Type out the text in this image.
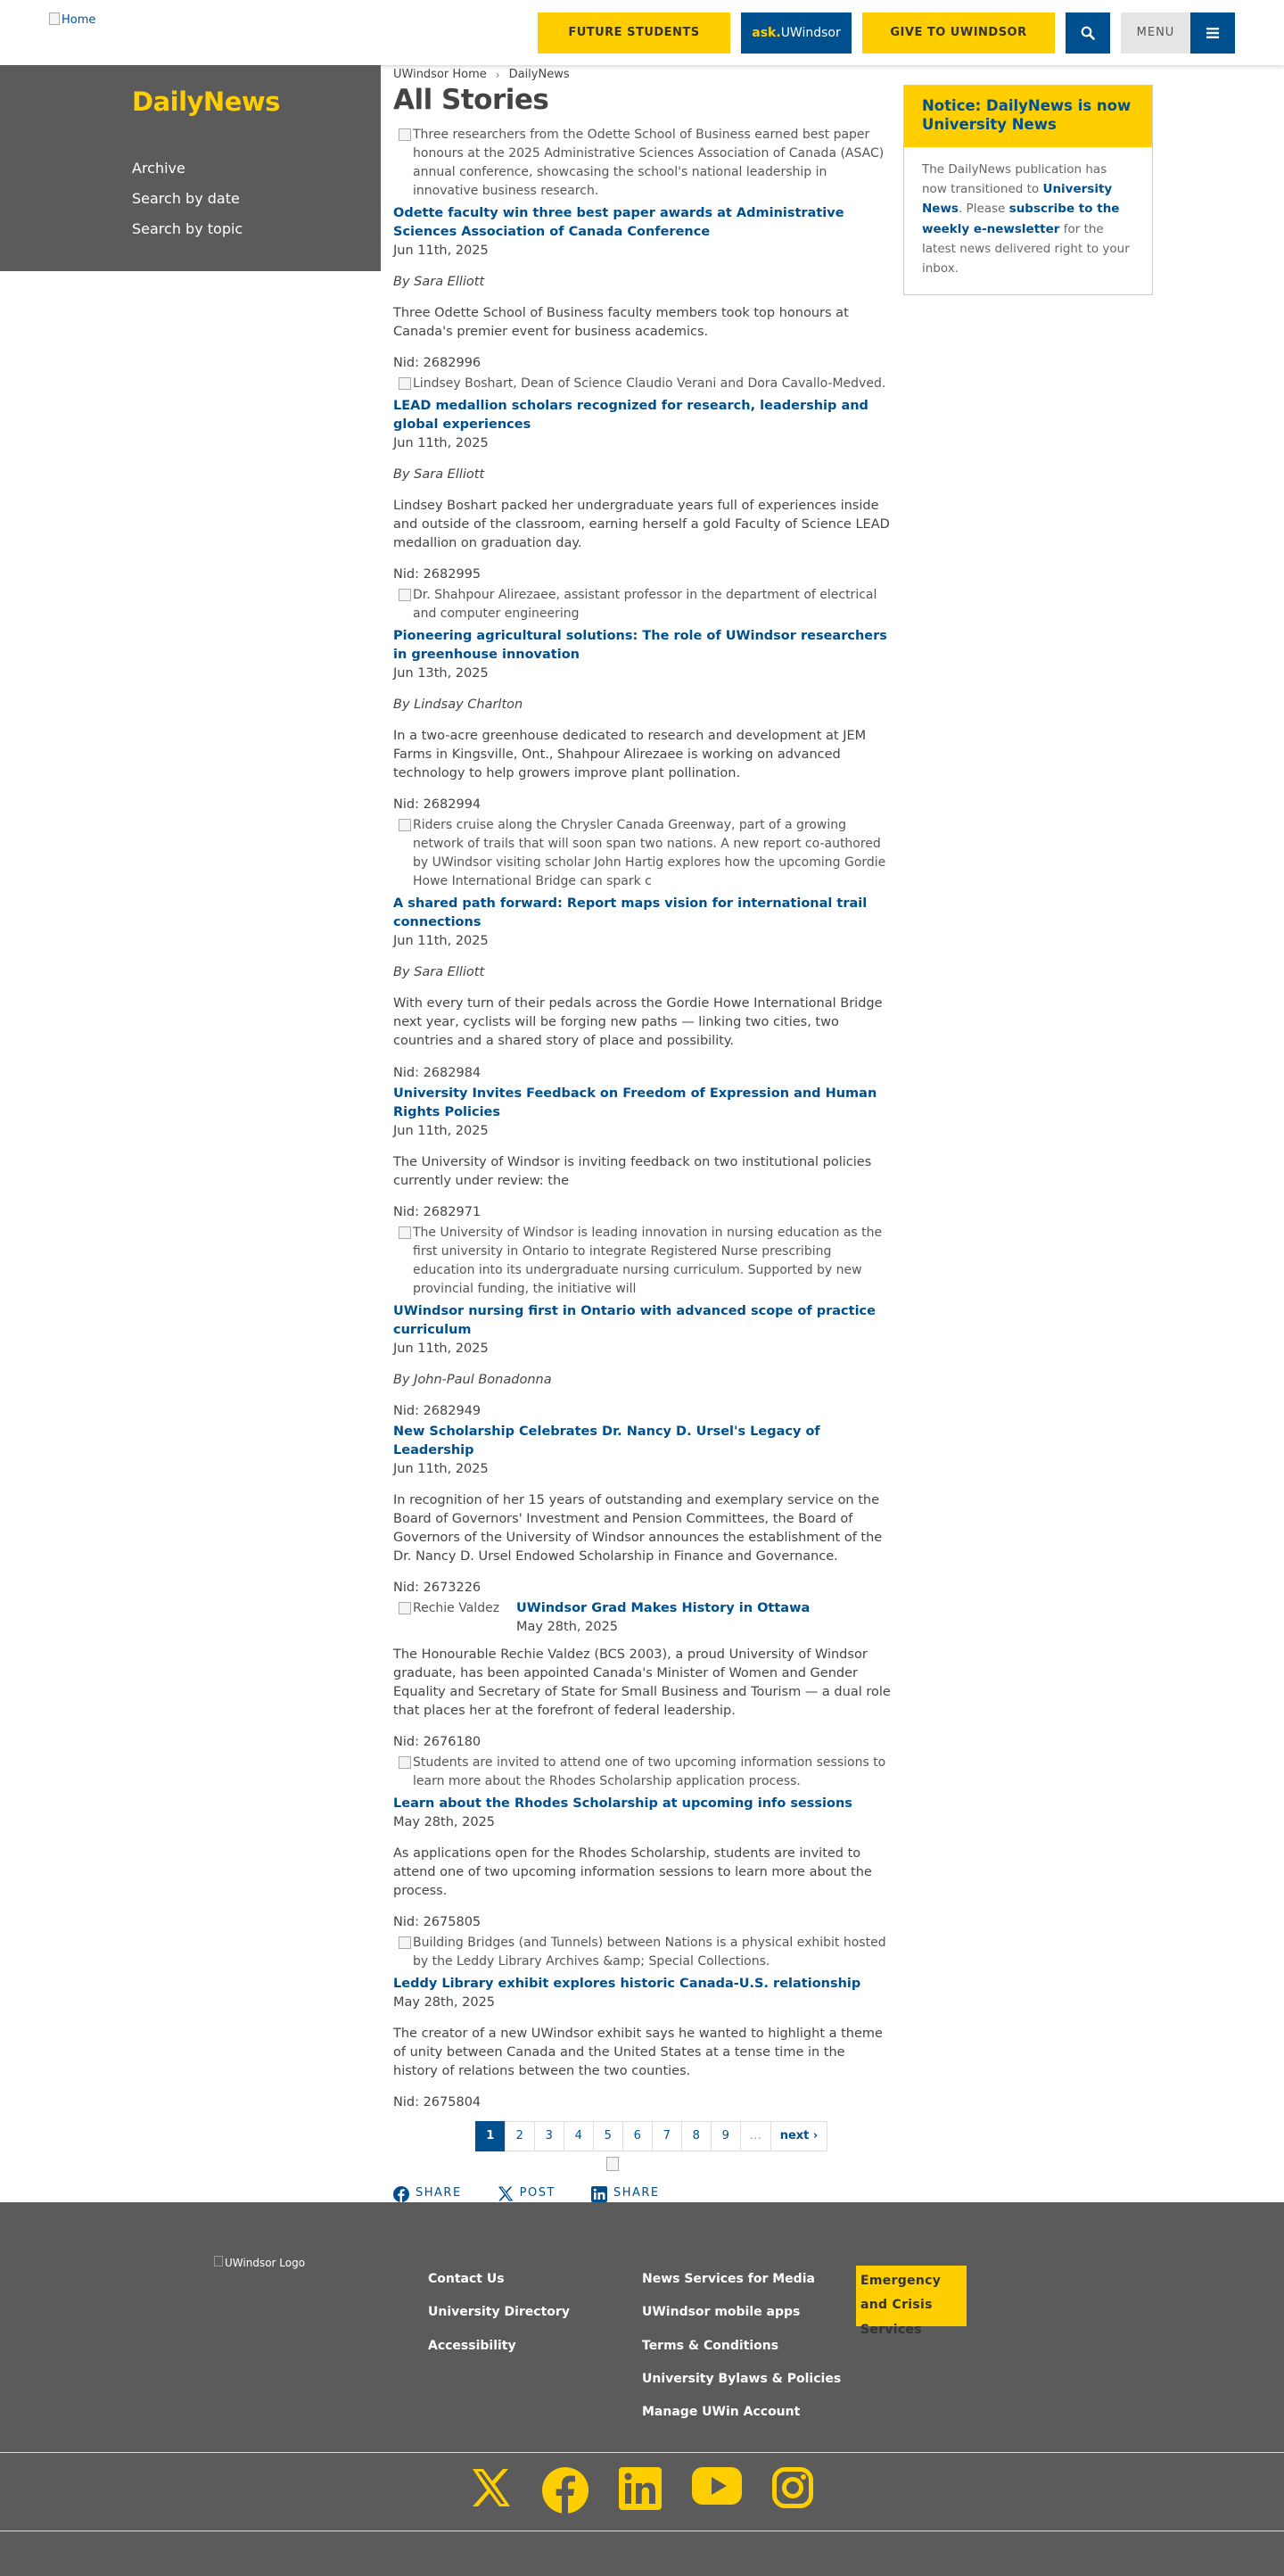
Home
FUTURE STUDENTS	ask. UWindsor	GIVE TO UWINDSOR	MENU
DailyNews
Archive
Search by date
Search by topic
UWindsor Home › DailyNews
All Stories
Three researchers from the Odette School of Business earned best paper honours at the 2025 Administrative Sciences Association of Canada (ASAC) annual conference, showcasing the school's national leadership in innovative business research.
Odette faculty win three best paper awards at Administrative Sciences Association of Canada Conference
Jun 11th, 2025
By Sara Elliott
Three Odette School of Business faculty members took top honours at Canada's premier event for business academics.
Nid: 2682996
Lindsey Boshart, Dean of Science Claudio Verani and Dora Cavallo-Medved.
LEAD medallion scholars recognized for research, leadership and global experiences
Jun 11th, 2025
By Sara Elliott
Lindsey Boshart packed her undergraduate years full of experiences inside and outside of the classroom, earning herself a gold Faculty of Science LEAD medallion on graduation day.
Nid: 2682995
Dr. Shahpour Alirezaee, assistant professor in the department of electrical and computer engineering
Pioneering agricultural solutions: The role of UWindsor researchers in greenhouse innovation
Jun 13th, 2025
By Lindsay Charlton
In a two-acre greenhouse dedicated to research and development at JEM Farms in Kingsville, Ont., Shahpour Alirezaee is working on advanced technology to help growers improve plant pollination.
Nid: 2682994
Riders cruise along the Chrysler Canada Greenway, part of a growing network of trails that will soon span two nations. A new report co-authored by UWindsor visiting scholar John Hartig explores how the upcoming Gordie Howe International Bridge can spark c
A shared path forward: Report maps vision for international trail connections
Jun 11th, 2025
By Sara Elliott
With every turn of their pedals across the Gordie Howe International Bridge next year, cyclists will be forging new paths — linking two cities, two countries and a shared story of place and possibility.
Nid: 2682984
University Invites Feedback on Freedom of Expression and Human Rights Policies
Jun 11th, 2025
The University of Windsor is inviting feedback on two institutional policies currently under review: the
Nid: 2682971
The University of Windsor is leading innovation in nursing education as the first university in Ontario to integrate Registered Nurse prescribing education into its undergraduate nursing curriculum. Supported by new provincial funding, the initiative will
UWindsor nursing first in Ontario with advanced scope of practice curriculum
Jun 11th, 2025
By John-Paul Bonadonna
Nid: 2682949
New Scholarship Celebrates Dr. Nancy D. Ursel's Legacy of Leadership
Jun 11th, 2025
In recognition of her 15 years of outstanding and exemplary service on the Board of Governors' Investment and Pension Committees, the Board of Governors of the University of Windsor announces the establishment of the Dr. Nancy D. Ursel Endowed Scholarship in Finance and Governance.
Nid: 2673226
Rechie Valdez UWindsor Grad Makes History in Ottawa
May 28th, 2025
The Honourable Rechie Valdez (BCS 2003), a proud University of Windsor graduate, has been appointed Canada's Minister of Women and Gender Equality and Secretary of State for Small Business and Tourism — a dual role that places her at the forefront of federal leadership.
Nid: 2676180
Students are invited to attend one of two upcoming information sessions to learn more about the Rhodes Scholarship application process.
Learn about the Rhodes Scholarship at upcoming info sessions
May 28th, 2025
As applications open for the Rhodes Scholarship, students are invited to attend one of two upcoming information sessions to learn more about the process.
Nid: 2675805
Building Bridges (and Tunnels) between Nations is a physical exhibit hosted by the Leddy Library Archives &amp; Special Collections.
Leddy Library exhibit explores historic Canada-U.S. relationship
May 28th, 2025
The creator of a new UWindsor exhibit says he wanted to highlight a theme of unity between Canada and the United States at a tense time in the history of relations between the two counties.
Nid: 2675804
1	2	3	4	5	6	7	8	9	…	next ›
SHARE	POST	SHARE
Notice: DailyNews is now University News
The DailyNews publication has now transitioned to University News. Please subscribe to the weekly e-newsletter for the latest news delivered right to your inbox.
UWindsor Logo
Contact Us
University Directory
Accessibility
News Services for Media
UWindsor mobile apps
Terms & Conditions
University Bylaws & Policies
Manage UWin Account
Emergency and Crisis Services
